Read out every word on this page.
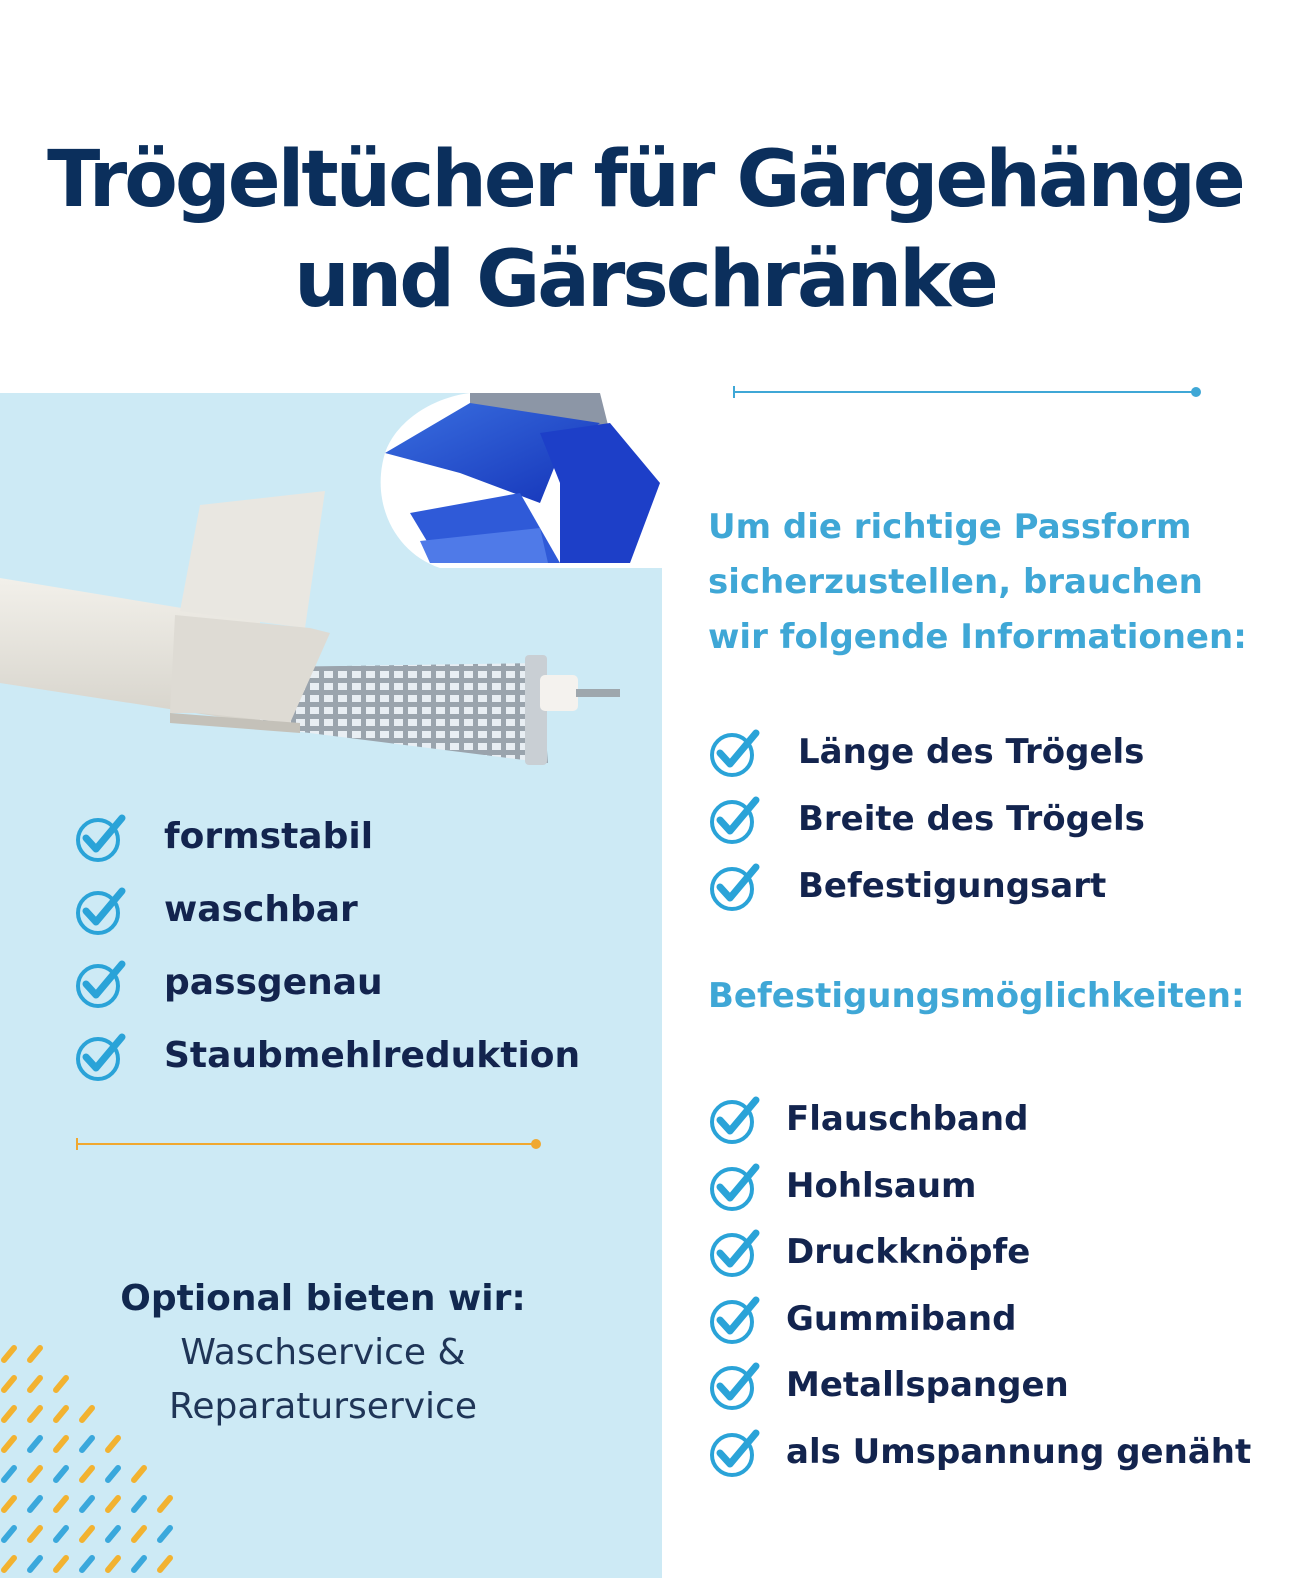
Trögeltücher für Gärgehänge
und Gärschränke
formstabil
waschbar
passgenau
Staubmehlreduktion
Optional bieten wir:
Waschservice &
Reparaturservice
Um die richtige Passform
sicherzustellen, brauchen
wir folgende Informationen:
Länge des Trögels
Breite des Trögels
Befestigungsart
Befestigungsmöglichkeiten:
Flauschband
Hohlsaum
Druckknöpfe
Gummiband
Metallspangen
als Umspannung genäht
